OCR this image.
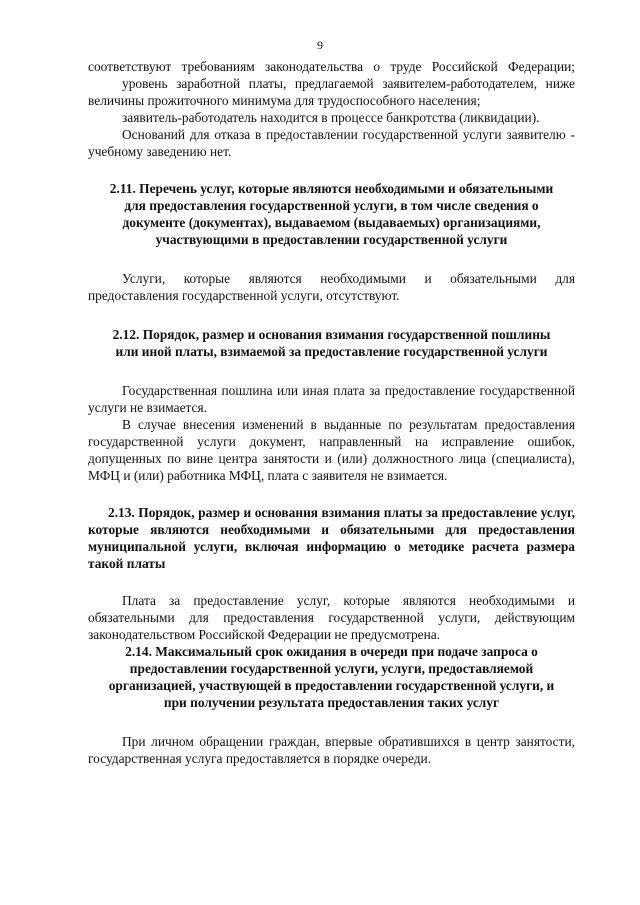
9

соответствуют требованиям законодательства о труде Российской Федерации;

уровень заработной платы, предлагаемой заявителем-работодателем, ниже величины прожиточного минимума для трудоспособного населения;

заявитель-работодатель находится в процессе банкротства (ликвидации).

Оснований для отказа в предоставлении государственной услуги заявителю - учебному заведению нет.

2.11. Перечень услуг, которые являются необходимыми и обязательными для предоставления государственной услуги, в том числе сведения о документе (документах), выдаваемом (выдаваемых) организациями, участвующими в предоставлении государственной услуги

Услуги, которые являются необходимыми и обязательными для предоставления государственной услуги, отсутствуют.

2.12. Порядок, размер и основания взимания государственной пошлины или иной платы, взимаемой за предоставление государственной услуги

Государственная пошлина или иная плата за предоставление государственной услуги не взимается.

В случае внесения изменений в выданные по результатам предоставления государственной услуги документ, направленный на исправление ошибок, допущенных по вине центра занятости и (или) должностного лица (специалиста), МФЦ и (или) работника МФЦ, плата с заявителя не взимается.

2.13. Порядок, размер и основания взимания платы за предоставление услуг, которые являются необходимыми и обязательными для предоставления муниципальной услуги, включая информацию о методике расчета размера такой платы

Плата за предоставление услуг, которые являются необходимыми и обязательными для предоставления государственной услуги, действующим законодательством Российской Федерации не предусмотрена.

2.14. Максимальный срок ожидания в очереди при подаче запроса о предоставлении государственной услуги, услуги, предоставляемой организацией, участвующей в предоставлении государственной услуги, и при получении результата предоставления таких услуг

При личном обращении граждан, впервые обратившихся в центр занятости, государственная услуга предоставляется в порядке очереди.
